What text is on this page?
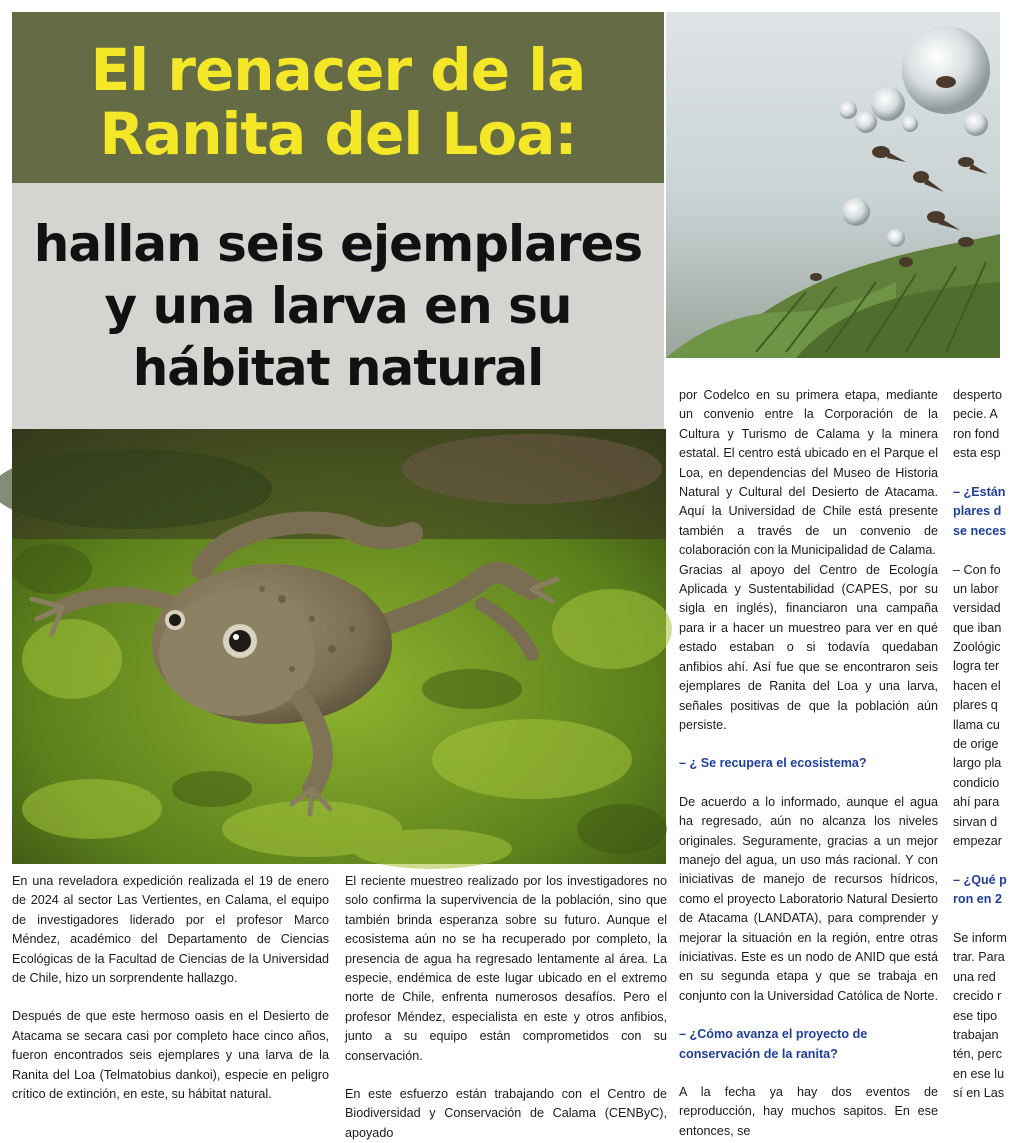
El renacer de la
Ranita del Loa:
hallan seis ejemplares
y una larva en su
hábitat natural

En una reveladora expedición realizada el 19 de enero de 2024 al sector Las Vertientes, en Calama, el equipo de investigadores liderado por el profesor Marco Méndez, académico del Departamento de Ciencias Ecológicas de la Facultad de Ciencias de la Universidad de Chile, hizo un sorprendente hallazgo.

Después de que este hermoso oasis en el Desierto de Atacama se secara casi por completo hace cinco años, fueron encontrados seis ejemplares y una larva de la Ranita del Loa (Telmatobius dankoi), especie en peligro crítico de extinción, en este, su hábitat natural.

El reciente muestreo realizado por los investigadores no solo confirma la supervivencia de la población, sino que también brinda esperanza sobre su futuro. Aunque el ecosistema aún no se ha recuperado por completo, la presencia de agua ha regresado lentamente al área. La especie, endémica de este lugar ubicado en el extremo norte de Chile, enfrenta numerosos desafíos. Pero el profesor Méndez, especialista en este y otros anfibios, junto a su equipo están comprometidos con su conservación.

En este esfuerzo están trabajando con el Centro de Biodiversidad y Conservación de Calama (CENByC), apoyado

por Codelco en su primera etapa, mediante un convenio entre la Corporación de la Cultura y Turismo de Calama y la minera estatal. El centro está ubicado en el Parque el Loa, en dependencias del Museo de Historia Natural y Cultural del Desierto de Atacama. Aquí la Universidad de Chile está presente también a través de un convenio de colaboración con la Municipalidad de Calama.

Gracias al apoyo del Centro de Ecología Aplicada y Sustentabilidad (CAPES, por su sigla en inglés), financiaron una campaña para ir a hacer un muestreo para ver en qué estado estaban o si todavía quedaban anfibios ahí. Así fue que se encontraron seis ejemplares de Ranita del Loa y una larva, señales positivas de que la población aún persiste.

– ¿ Se recupera el ecosistema?

De acuerdo a lo informado, aunque el agua ha regresado, aún no alcanza los niveles originales. Seguramente, gracias a un mejor manejo del agua, un uso más racional. Y con iniciativas de manejo de recursos hídricos, como el proyecto Laboratorio Natural Desierto de Atacama (LANDATA), para comprender y mejorar la situación en la región, entre otras iniciativas. Este es un nodo de ANID que está en su segunda etapa y que se trabaja en conjunto con la Universidad Católica de Norte.

– ¿Cómo avanza el proyecto de conservación de la ranita?

A la fecha ya hay dos eventos de reproducción, hay muchos sapitos. En ese entonces, se

desperto
pecie. A
ron fond
esta esp
– ¿Están
plares d
se neces
– Con fo
un labor
versidad
que iban
Zoológic
logra ter
hacen el
plares q
llama cu
de orige
largo pla
condicio
ahí para
sirvan d
empezar
– ¿Qué p
ron en 2
Se inform
trar. Para
una red
crecido r
ese tipo
trabajan
tén, perc
en ese lu
sí en Las
